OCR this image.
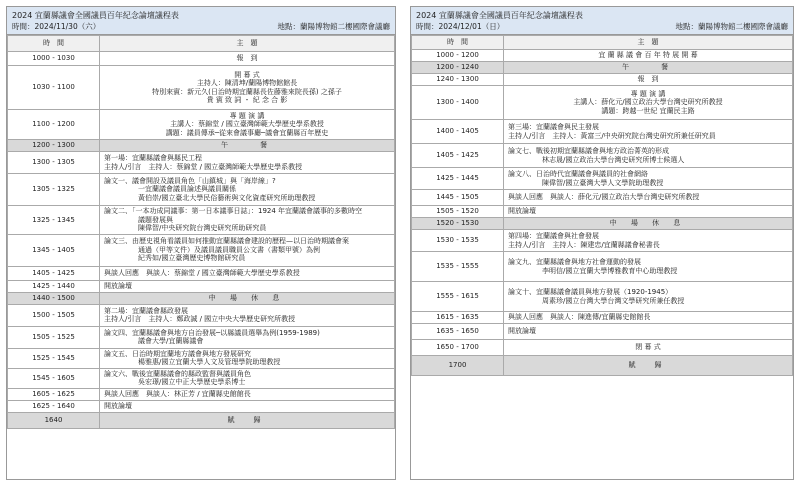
2024 宜蘭縣議會全國議員百年紀念論壇議程表
時間：2024/11/30（六）	地點：蘭陽博物館二樓國際會議廳
時　間	主　題
1000 - 1030	報　到

1030 - 1100	開 幕 式
主持人：陳清坤/蘭陽博物館館長
特別來賓：新元久(日治時期宜蘭縣長佐藤雅來院長孫) 之孫子
貴 賓 致 詞 ・ 紀 念 合 影

1100 - 1200	專 題 演 講
主講人：蔡錦堂 / 國立臺灣師範大學歷史學系教授
講題：議員傳承─從來會議事廳─議會宜蘭縣百年歷史

1200 - 1300	午　　餐

1300 - 1305	第一場：宜蘭縣議會與縣民工程
主持人/引言　主持人：蔡錦堂 / 國立臺灣師範大學歷史學系教授

1305 - 1325	論文一、議會開設及議員角色「山鎮城」與「海岸線」?
一宜蘭議會議員論述與議員關係
黃伯崇/國立臺北大學民俗藝術與文化資產研究所助理教授

1325 - 1345	論文二、「一本功成同議事：第一日本議事日誌」：1924 年宜蘭議會議事的多數時空
議題發展與
陳偉智/中央研究院台灣史研究所助研究員

1345 - 1405	論文三、由歷史視角看議員如何推動宜蘭縣議會建設的歷程—以日治時期議會案
通過（甲等文件）及議員議員職員公文書（書類甲號）為例
紀秀如/國立臺灣歷史博物館研究員

1405 - 1425	與談人回應　與談人：蔡錦堂 / 國立臺灣師範大學歷史學系教授

1425 - 1440	開放論壇

1440 - 1500	中 場 休 息

1500 - 1505	第二場：宜蘭議會縣政發展
主持人/引言　主持人：鄭政誠 / 國立中央大學歷史研究所教授

1505 - 1525	論文四、宜蘭縣議會與地方自治發展─以縣議員選舉為例(1959-1989)
議會大學/宜蘭縣議會

1525 - 1545	論文五、日治時期宜蘭地方議會與地方發展研究
楊雅惠/國立宜蘭大學人文及管理學院助理教授

1545 - 1605	論文六、戰後宜蘭縣議會的縣政監督與議員角色
吳宏璟/國立中正大學歷史學系博士

1605 - 1625	與談人回應　與談人：林正芳 / 宜蘭縣史館館長

1625 - 1640	開放論壇

1640	賦　歸
2024 宜蘭縣議會全國議員百年紀念論壇議程表
時間：2024/12/01（日）	地點：蘭陽博物館二樓國際會議廳
時　間	主　題
1000 - 1200	宜 蘭 縣 議 會 百 年 特 展 開 幕

1200 - 1240	午　　餐

1240 - 1300	報　到

1300 - 1400	專 題 演 講
主講人：薛化元/國立政治大學台灣史研究所教授
講題：跨越一世紀 宜蘭民主路

1400 - 1405	第三場：宜蘭議會與民主發展
主持人/引言　主持人：黃富三/中央研究院台灣史研究所兼任研究員

1405 - 1425	論文七、戰後初期宜蘭縣議會與地方政治菁英的形成
林志晟/國立政治大學台灣史研究所博士候選人

1425 - 1445	論文八、日治時代宜蘭議會與議員的社會網絡
陳偉智/國立臺灣大學人文學院助理教授

1445 - 1505	與談人回應　與談人：薛化元/國立政治大學台灣史研究所教授

1505 - 1520	開放論壇

1520 - 1530	中 場 休 息

1530 - 1535	第四場：宜蘭議會與社會發展
主持人/引言　主持人：陳建忠/宜蘭縣議會秘書長

1535 - 1555	論文九、宜蘭縣議會與地方社會運動的發展
李明信/國立宜蘭大學博雅教育中心助理教授

1555 - 1615	論文十、宜蘭縣議會議員與地方發展（1920-1945）
周素珍/國立台灣大學台灣文學研究所兼任教授

1615 - 1635	與談人回應　與談人：陳進傳/宜蘭縣史館館長

1635 - 1650	開放論壇

1650 - 1700	閉 幕 式

1700	賦　歸
